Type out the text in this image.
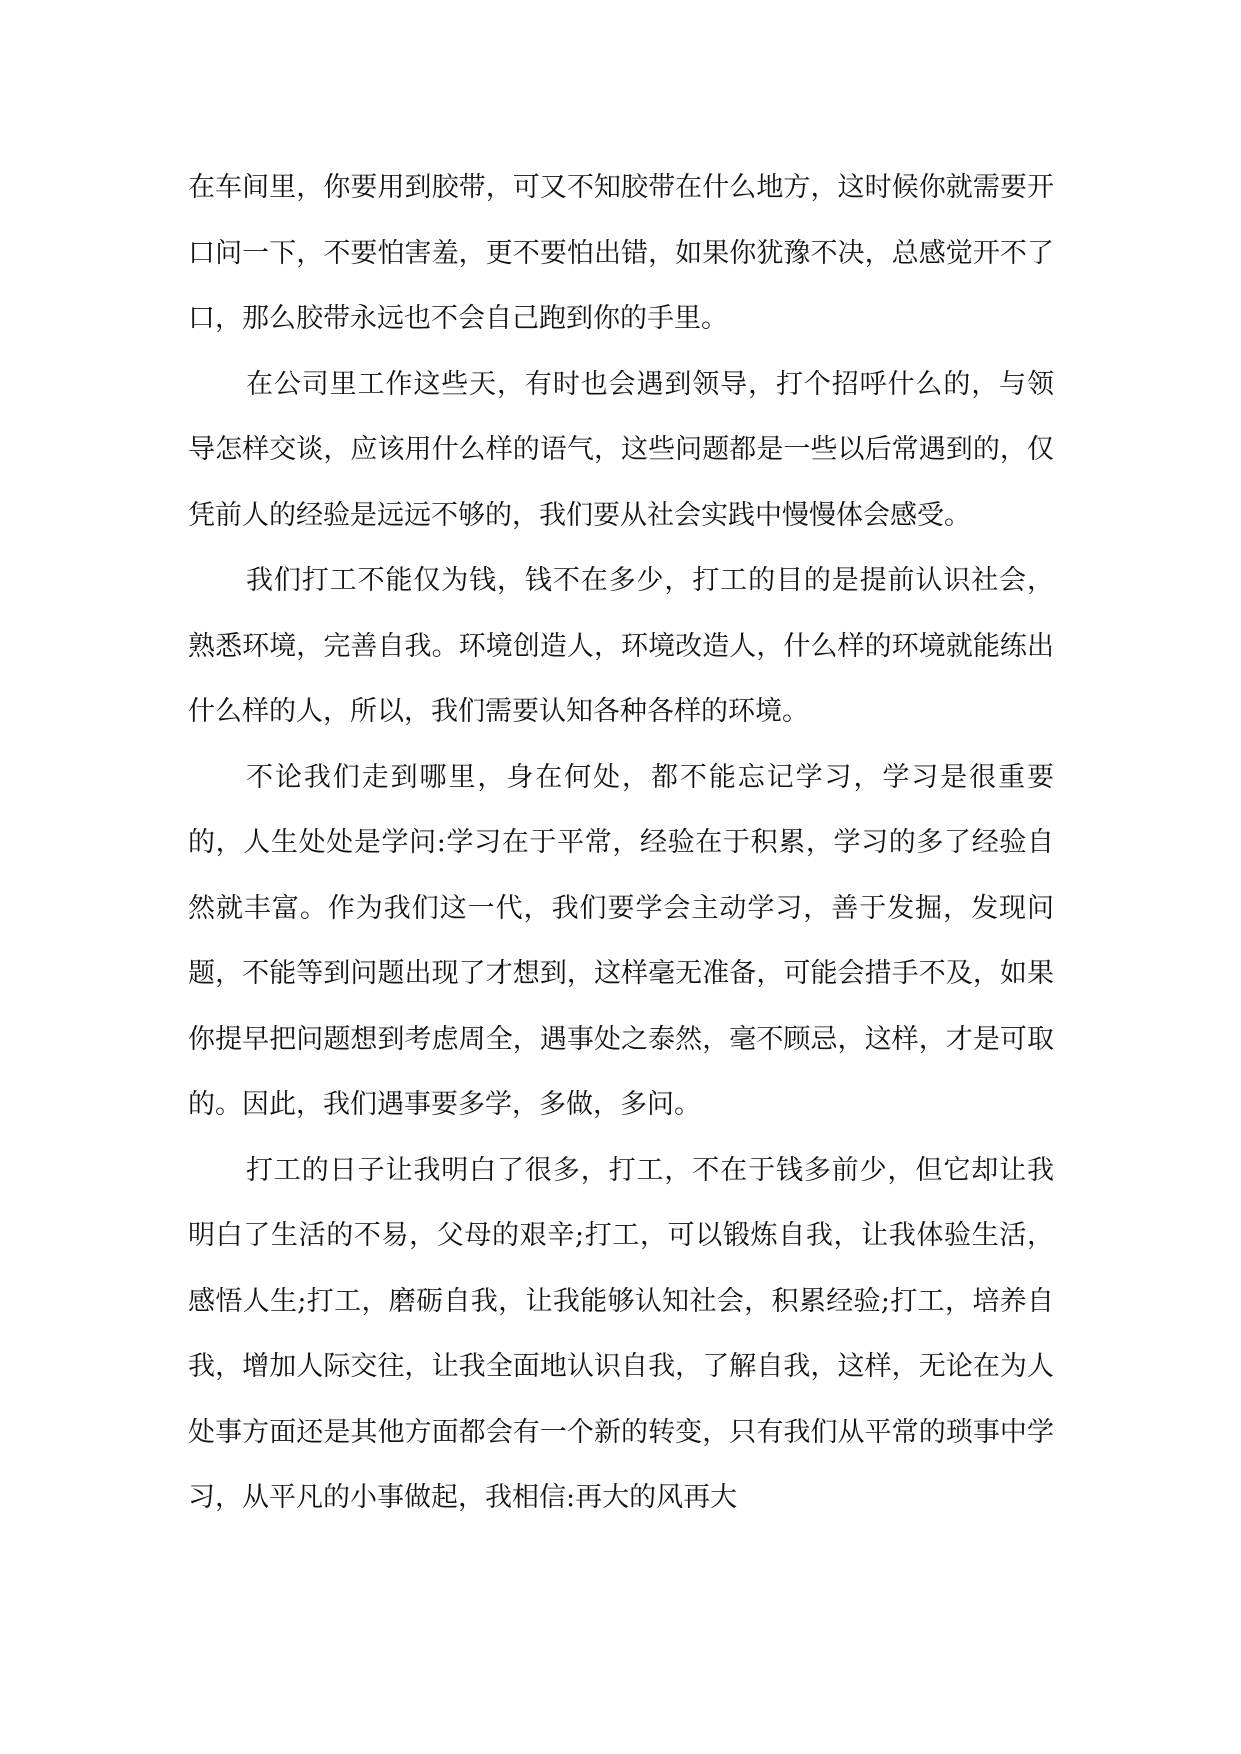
在车间里，你要用到胶带，可又不知胶带在什么地方，这时候你就需要开口问一下，不要怕害羞，更不要怕出错，如果你犹豫不决，总感觉开不了口，那么胶带永远也不会自己跑到你的手里。

在公司里工作这些天，有时也会遇到领导，打个招呼什么的，与领导怎样交谈，应该用什么样的语气，这些问题都是一些以后常遇到的，仅凭前人的经验是远远不够的，我们要从社会实践中慢慢体会感受。

我们打工不能仅为钱，钱不在多少，打工的目的是提前认识社会，熟悉环境，完善自我。环境创造人，环境改造人，什么样的环境就能练出什么样的人，所以，我们需要认知各种各样的环境。

不论我们走到哪里，身在何处，都不能忘记学习，学习是很重要的，人生处处是学问:学习在于平常，经验在于积累，学习的多了经验自然就丰富。作为我们这一代，我们要学会主动学习，善于发掘，发现问题，不能等到问题出现了才想到，这样毫无准备，可能会措手不及，如果你提早把问题想到考虑周全，遇事处之泰然，毫不顾忌，这样，才是可取的。因此，我们遇事要多学，多做，多问。

打工的日子让我明白了很多，打工，不在于钱多前少，但它却让我明白了生活的不易，父母的艰辛;打工，可以锻炼自我，让我体验生活，感悟人生;打工，磨砺自我，让我能够认知社会，积累经验;打工，培养自我，增加人际交往，让我全面地认识自我，了解自我，这样，无论在为人处事方面还是其他方面都会有一个新的转变，只有我们从平常的琐事中学习，从平凡的小事做起，我相信:再大的风再大
